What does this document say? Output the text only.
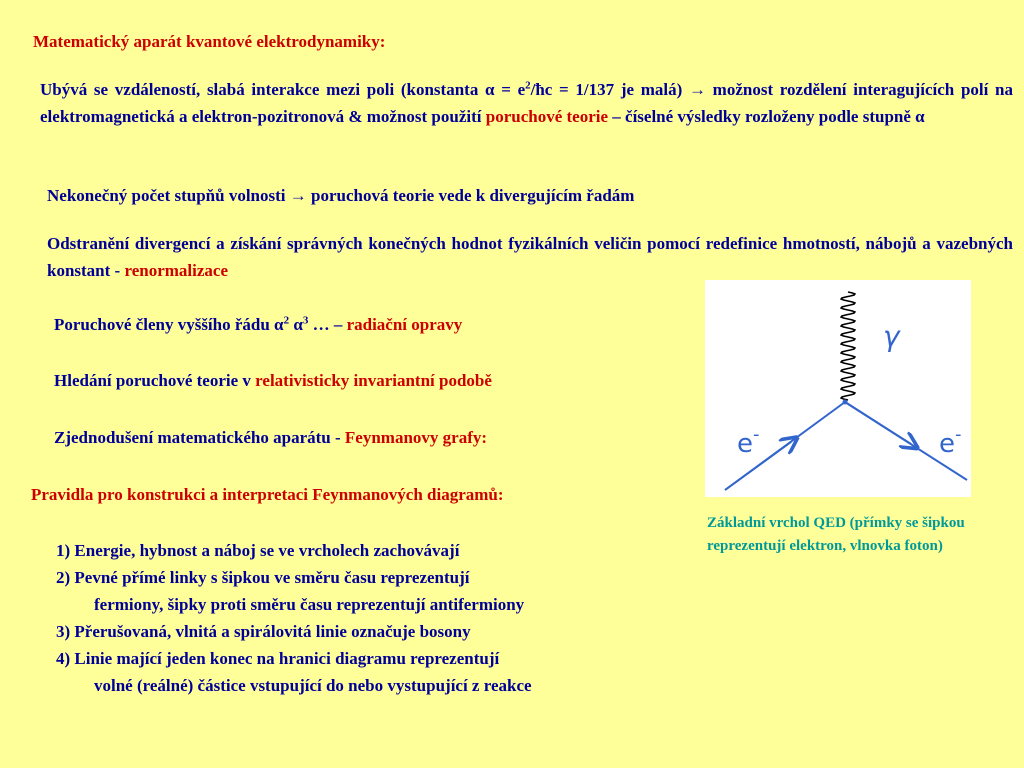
Matematický aparát kvantové elektrodynamiky:
Ubývá se vzdáleností, slabá interakce mezi poli (konstanta $\alpha = e^2/ħc = 1/137$ je malá) → možnost rozdělení interagujících polí na elektromagnetická a elektron-pozitronová & možnost použití poruchové teorie – číselné výsledky rozloženy podle stupně α
Nekonečný počet stupňů volnosti → poruchová teorie vede k divergujícím řadám
Odstranění divergencí a získání správných konečných hodnot fyzikálních veličin pomocí redefinice hmotností, nábojů a vazebných konstant - renormalizace
Poruchové členy vyššího řádu $\alpha^2$ $\alpha^3$ … – radiační opravy
Hledání poruchové teorie v relativisticky invariantní podobě
Zjednodušení matematického aparátu - Feynmanovy grafy:
Pravidla pro konstrukci a interpretaci Feynmanových diagramů:
1) Energie, hybnost a náboj se ve vrcholech zachovávají
2) Pevné přímé linky s šipkou ve směru času reprezentují
fermiony, šipky proti směru času reprezentují antifermiony
3) Přerušovaná, vlnitá a spirálovitá linie označuje bosony
4) Linie mající jeden konec na hranici diagramu reprezentují
volné (reálné) částice vstupující do nebo vystupující z reakce
γ
e-	e-
Základní vrchol QED (přímky se šipkou reprezentují elektron, vlnovka foton)
